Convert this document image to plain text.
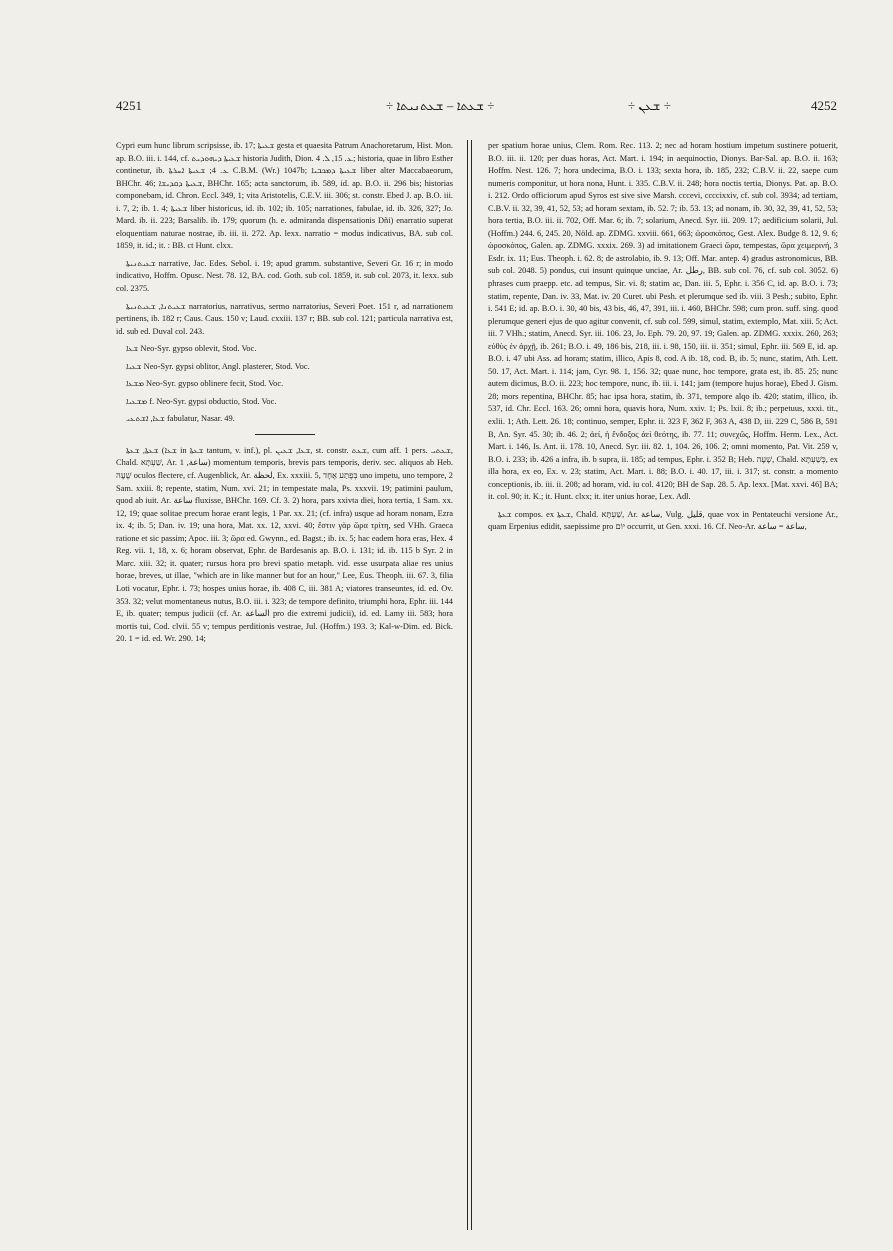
4251	÷ ܫܥܬܐ – ܫܥܬܢܝܬܐ ÷	÷ ܫܥܢ ÷	4252

Cypri eum hunc librum scripsisse, ib. 17; ܫܥܝܬܐ gesta et quaesita Patrum Anachoretarum, Hist. Mon. ap. B.O. iii. i. 144, cf. ܫܥܝܬܐ ܕܝܗܘܕܝܬ historia Judith, Dion. ܥ. 15, ܠ. 4; historia, quae in libro Esther continetur, ib. ܥ. 4; ܫܥܝܬܐ ܐܚܪܬܐ C.B.M. (Wr.) 1047b; ܫܥܝܬܐ ܕܡܟܒܝܐ liber alter Maccabaeorum, BHChr. 46; ܫܥܝܬܐ ܕܩܕܝܫܐ, BHChr. 165; acta sanctorum, ib. 589, id. ap. B.O. ii. 296 bis; historias componebam, id. Chron. Eccl. 349, 1; vita Aristotelis, C.E.V. iii. 306; st. constr. Ebed J. ap. B.O. iii. i. 7, 2; ib. 1. 4; ܫܥܝܬܐ liber historicus, id. ib. 102; ib. 105; narrationes, fabulae, id. ib. 326, 327; Jo. Mard. ib. ii. 223; Barsalib. ib. 179; quorum (h. e. admiranda dispensationis Dñi) enarratio superat eloquentiam naturae nostrae, ib. iii. ii. 272. Ap. lexx. narratio = modus indicativus, BA. sub col. 1859, it. id.; it. : BB. ct Hunt. clxx.

ܫܥܝܬܢܝܬܐ narrative, Jac. Edes. Sebol. i. 19; apud gramm. substantive, Severi Gr. 16 r; in modo indicativo, Hoffm. Opusc. Nest. 78. 12, BA. cod. Goth. sub col. 1859, it. sub col. 2073, it. lexx. sub col. 2375.

ܫܥܝܬܢܐ, ܫܥܝܬܢܝܬܐ narratorius, narrativus, sermo narratorius, Severi Poet. 151 r, ad narrationem pertinens, ib. 182 r; Caus. Caus. 150 v; Laud. cxxiii. 137 r; BB. sub col. 121; particula narrativa est, id. sub ed. Duval col. 243.

ܫܥܐ Neo-Syr. gypso oblevit, Stod. Voc.

ܫܥܝܐ Neo-Syr. gypsi oblitor, Angl. plasterer, Stod. Voc.

ܡܫܥܐ Neo-Syr. gypso oblinere fecit, Stod. Voc.

ܡܫܥܝܐ f. Neo-Syr. gypsi obductio, Stod. Voc.

ܫܥܐ, ܐܫܬܥܝ fabulatur, Nasar. 49.

ܫܥܬܐ, ܫܥܬܐ (ܫܥܐ in ܫܥܬܐ tantum, v. inf.), pl. ܫܥܐ, ܫܥܝܢ, st. constr. ܫܥܬ, cum aff. 1 pers. ܫܥܬܝ, Chald. שַׁעְתָּא, Ar. ساعة, 1) momentum temporis, brevis pars temporis, deriv. sec. aliquos ab Heb. שָׁעָה oculos flectere, cf. Augenblick, Ar. لحظة, Ex. xxxiii. 5, בְּפֶתַע אֶחָד uno impetu, uno tempore, 2 Sam. xxiii. 8; repente, statim, Num. xvi. 21; in tempestate mala, Ps. xxxvii. 19; patiminі paulum, quod ab iuit. Ar. ساعة fluxisse, BHChr. 169. Cf. 3. 2) hora, pars xxivta diei, hora tertia, 1 Sam. xx. 12, 19; quae solitae precum horae erant legis, 1 Par. xx. 21; (cf. infra) usque ad horam nonam, Ezra ix. 4; ib. 5; Dan. iv. 19; una hora, Mat. xx. 12, xxvi. 40; ἔστιν γὰρ ὥρα τρίτη, sed VHh. Graeca ratione et sic passim; Apoc. iii. 3; ὥρα ed. Gwynn., ed. Bagst.; ib. ix. 5; hac eadem hora eras, Hex. 4 Reg. vii. 1, 18, x. 6; horam observat, Ephr. de Bardesanis ap. B.O. i. 131; id. ib. 115 b Syr. 2 in Marc. xiii. 32; it. quater; rursus hora pro brevi spatio metaph. vid. esse usurpata aliae res unius horae, breves, ut illae, "which are in like manner but for an hour," Lee, Eus. Theoph. iii. 67. 3, filia Loti vocatur, Ephr. i. 73; hospes unius horae, ib. 408 C, iii. 381 A; viatores transeuntes, id. ed. Ov. 353. 32; velut momentaneus nutus, B.O. iii. i. 323; de tempore definito, triumphi hora, Ephr. iii. 144 E, ib. quater; tempus judicii (cf. Ar. الساعة pro die extremi judicii), id. ed. Lamy iii. 583; hora mortis tui, Cod. clvii. 55 v; tempus perditionis vestrae, Jul. (Hoffm.) 193. 3; Kal-w-Dim. ed. Bick. 20. 1 = id. ed. Wr. 290. 14;

per spatium horae unius, Clem. Rom. Rec. 113. 2; nec ad horam hostium impetum sustinere potuerit, B.O. iii. ii. 120; per duas horas, Act. Mart. i. 194; in aequinoctio, Dionys. Bar-Sal. ap. B.O. ii. 163; Hoffm. Nest. 126. 7; hora undecima, B.O. i. 133; sexta hora, ib. 185, 232; C.B.V. ii. 22, saepe cum numeris componitur, ut hora nona, Hunt. i. 335. C.B.V. ii. 248; hora noctis tertia, Dionys. Pat. ap. B.O. i. 212. Ordo officiorum apud Syros est sive sive Marsh. cccevi, ccccixxiv, cf. sub col. 3934; ad tertiam, C.B.V. ii. 32, 39, 41, 52, 53; ad horam sextam, ib. 52. 7; ib. 53. 13; ad nonam, ib. 30, 32, 39, 41, 52, 53; hora tertia, B.O. iii. ii. 702, Off. Mar. 6; ib. 7; solarium, Anecd. Syr. iii. 209. 17; aedificium solarii, Jul. (Hoffm.) 244. 6, 245. 20, Nöld. ap. ZDMG. xxviii. 661, 663; ὡροσκόπος, Gest. Alex. Budge 8. 12, 9. 6; ὡροσκόπος, Galen. ap. ZDMG. xxxix. 269. 3) ad imitationem Graeci ὥρα, tempestas, ὥρα χειμερινή, 3 Esdr. ix. 11; Eus. Theoph. i. 62. 8; de astrolabio, ib. 9. 13; Off. Mar. antep. 4) gradus astronomicus, BB. sub col. 2048. 5) pondus, cui insunt quinque unciae, Ar. رطل, BB. sub col. 76, cf. sub col. 3052. 6) phrases cum praepp. etc. ad tempus, Sir. vi. 8; statim ac, Dan. iii. 5, Ephr. i. 356 C, id. ap. B.O. i. 73; statim, repente, Dan. iv. 33, Mat. iv. 20 Curet. ubi Pesh. et plerumque sed ib. viii. 3 Pesh.; subito, Ephr. i. 541 E; id. ap. B.O. i. 30, 40 bis, 43 bis, 46, 47, 391, iii. i. 460, BHChr. 598; cum pron. suff. sing. quod plerumque generi ejus de quo agitur convenit, cf. sub col. 599, simul, statim, extemplo, Mat. xiii. 5; Act. iii. 7 VHh.; statim, Anecd. Syr. iii. 106. 23, Jo. Eph. 79. 20, 97. 19; Galen. ap. ZDMG. xxxix. 260, 263; εὐθὺς ἐν ἀρχῇ, ib. 261; B.O. i. 49, 186 bis, 218, iii. i. 98, 150, iii. ii. 351; simul, Ephr. iii. 569 E, id. ap. B.O. i. 47 ubi Ass. ad horam; statim, illico, Apis 8, cod. A ib. 18, cod. B, ib. 5; nunc, statim, Ath. Lett. 50. 17, Act. Mart. i. 114; jam, Cyr. 98. 1, 156. 32; quae nunc, hoc tempore, grata est, ib. 85. 25; nunc autem dicimus, B.O. ii. 223; hoc tempore, nunc, ib. iii. i. 141; jam (tempore hujus horae), Ebed J. Gism. 28; mors repentina, BHChr. 85; hac ipsa hora, statim, ib. 371, tempore alqo ib. 420; statim, illico, ib. 537, id. Chr. Eccl. 163. 26; omni hora, quavis hora, Num. xxiv. 1; Ps. lxii. 8; ib.; perpetuus, xxxi. tit., exlii. 1; Ath. Lett. 26. 18; continuo, semper, Ephr. ii. 323 F, 362 F, 363 A, 438 D, iii. 229 C, 586 B, 591 B, An. Syr. 45. 30; ib. 46. 2; ἀεί, ἡ ἔνδοξος ἀεὶ θεότης, ib. 77. 11; συνεχῶς, Hoffm. Herm. Lex., Act. Mart. i. 146, Is. Ant. ii. 178. 10, Anecd. Syr. iii. 82. 1, 104. 26, 106. 2; omni momento, Pat. Vit. 259 v, B.O. i. 233; ib. 426 a infra, ib. b supra, ii. 185; ad tempus, Ephr. i. 352 B; Heb. שָׁעָה, Chald. כְּשַׁעְתָּא, ex illa hora, ex eo, Ex. v. 23; statim, Act. Mart. i. 88; B.O. i. 40. 17, iii. i. 317; st. constr. a momento conceptionis, ib. iii. ii. 208; ad horam, vid. iu col. 4120; BH de Sap. 28. 5. Ap. lexx. [Mat. xxvi. 46] BA; it. col. 90; it. K.; it. Hunt. clxx; it. iter unius horae, Lex. Adl.

ܫܥܬܐ compos. ex ܫܥܬܐ, Chald. שַׁעְתָּא, Ar. ساعة, Vulg. قليل, quae vox in Pentateuchi versione Ar., quam Erpenius edidit, saepissime pro יוֹם occurrit, ut Gen. xxxi. 16. Cf. Neo-Ar. ساعة = ساعة,
